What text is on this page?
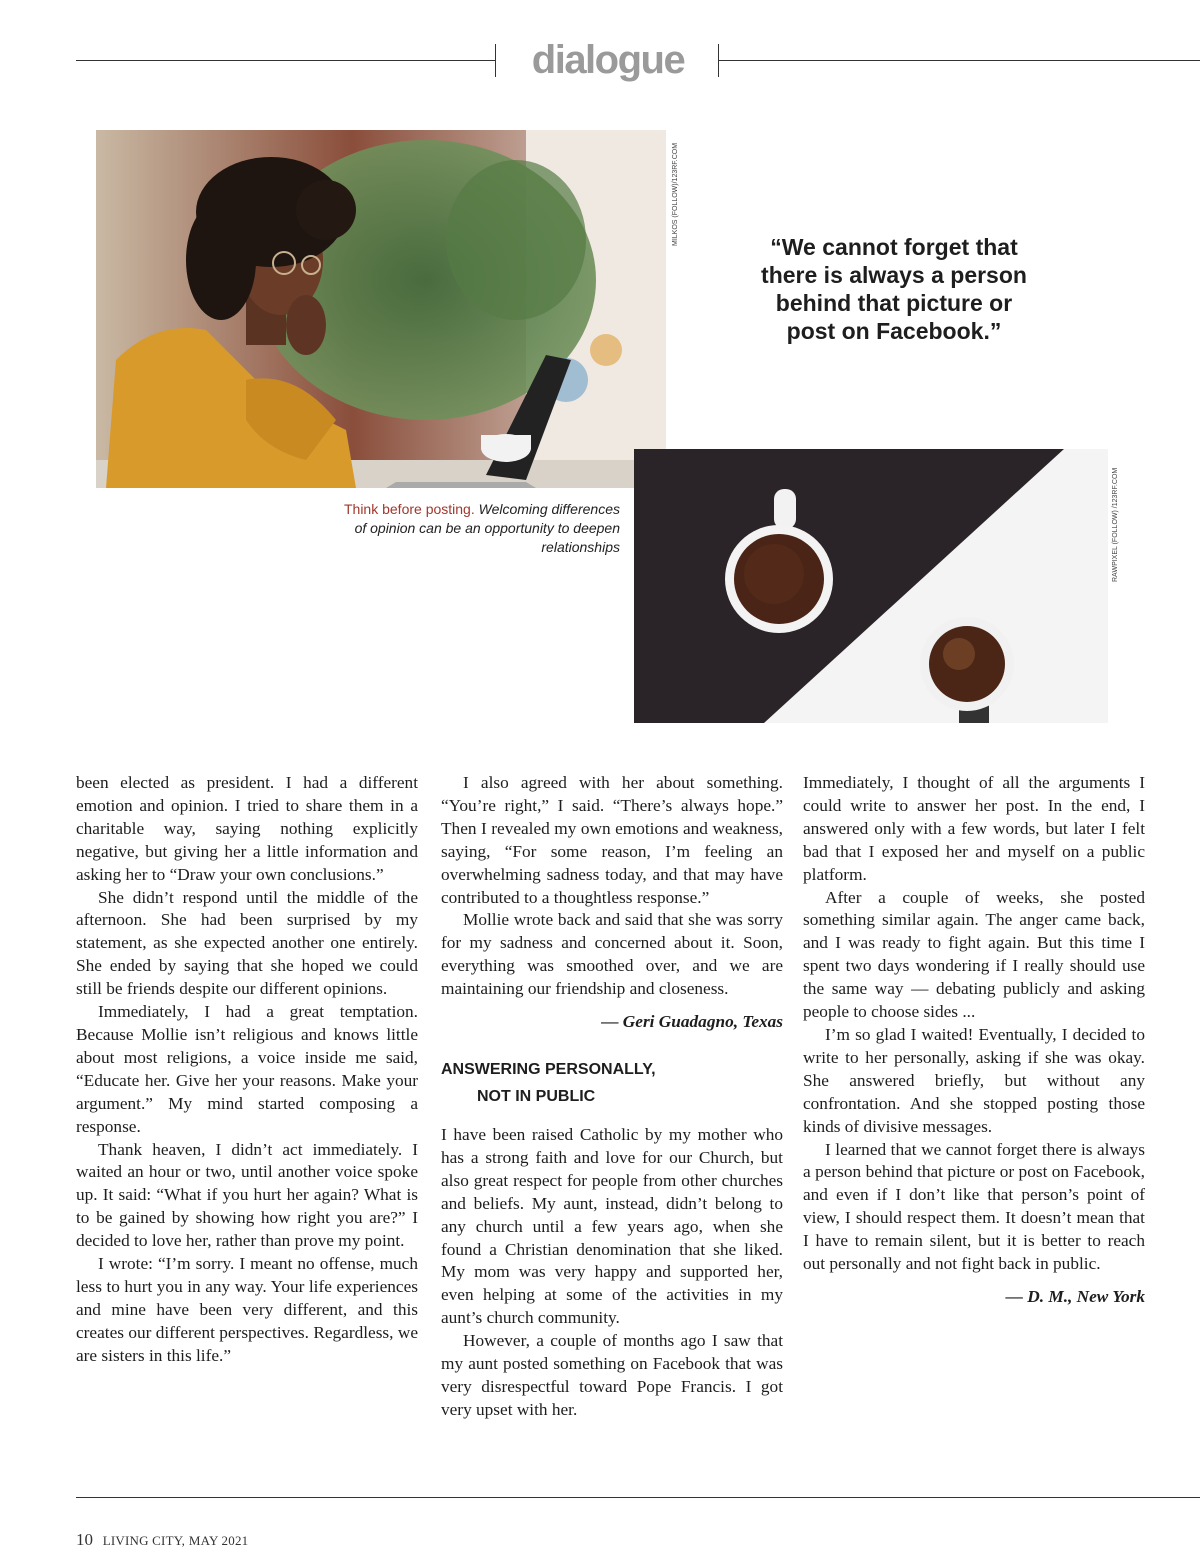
dialogue
MILKOS (FOLLOW)/123RF.COM
“We cannot forget that there is always a person behind that picture or post on Facebook.”
RAWPIXEL (FOLLOW) /123RF.COM
Think before posting. Welcoming differences of opinion can be an opportunity to deepen relationships

been elected as president. I had a different emotion and opinion. I tried to share them in a charitable way, saying nothing explicitly negative, but giving her a little information and asking her to “Draw your own conclusions.”

She didn’t respond until the middle of the afternoon. She had been surprised by my statement, as she expected another one entirely. She ended by saying that she hoped we could still be friends despite our different opinions.

Immediately, I had a great temptation. Because Mollie isn’t religious and knows little about most religions, a voice inside me said, “Educate her. Give her your reasons. Make your argument.” My mind started composing a response.

Thank heaven, I didn’t act immediately. I waited an hour or two, until another voice spoke up. It said: “What if you hurt her again? What is to be gained by showing how right you are?” I decided to love her, rather than prove my point.

I wrote: “I’m sorry. I meant no offense, much less to hurt you in any way. Your life experiences and mine have been very different, and this creates our different perspectives. Regardless, we are sisters in this life.”

I also agreed with her about something. “You’re right,” I said. “There’s always hope.” Then I revealed my own emotions and weakness, saying, “For some reason, I’m feeling an overwhelming sadness today, and that may have contributed to a thoughtless response.”

Mollie wrote back and said that she was sorry for my sadness and concerned about it. Soon, everything was smoothed over, and we are maintaining our friendship and closeness.

— Geri Guadagno, Texas

ANSWERING PERSONALLY,
NOT IN PUBLIC

I have been raised Catholic by my mother who has a strong faith and love for our Church, but also great respect for people from other churches and beliefs. My aunt, instead, didn’t belong to any church until a few years ago, when she found a Christian denomination that she liked. My mom was very happy and supported her, even helping at some of the activities in my aunt’s church community.

However, a couple of months ago I saw that my aunt posted something on Facebook that was very disrespectful toward Pope Francis. I got very upset with her.

Immediately, I thought of all the arguments I could write to answer her post. In the end, I answered only with a few words, but later I felt bad that I exposed her and myself on a public platform.

After a couple of weeks, she posted something similar again. The anger came back, and I was ready to fight again. But this time I spent two days wondering if I really should use the same way — debating publicly and asking people to choose sides ...

I’m so glad I waited! Eventually, I decided to write to her personally, asking if she was okay. She answered briefly, but without any confrontation. And she stopped posting those kinds of divisive messages.

I learned that we cannot forget there is always a person behind that picture or post on Facebook, and even if I don’t like that person’s point of view, I should respect them. It doesn’t mean that I have to remain silent, but it is better to reach out personally and not fight back in public.

— D. M., New York

10 LIVING CITY, MAY 2021
